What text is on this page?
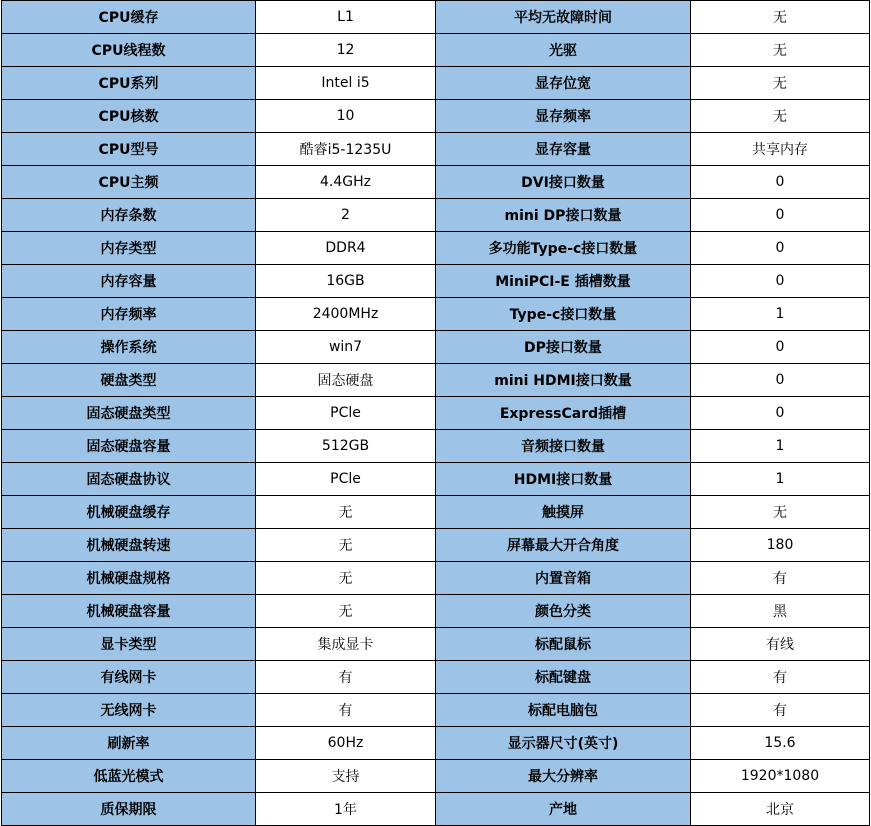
CPU缓存	L1	平均无故障时间	无
CPU线程数	12	光驱	无
CPU系列	Intel i5	显存位宽	无
CPU核数	10	显存频率	无
CPU型号	酷睿i5-1235U	显存容量	共享内存
CPU主频	4.4GHz	DVI接口数量	0
内存条数	2	mini DP接口数量	0
内存类型	DDR4	多功能Type-c接口数量	0
内存容量	16GB	MiniPCI-E 插槽数量	0
内存频率	2400MHz	Type-c接口数量	1
操作系统	win7	DP接口数量	0
硬盘类型	固态硬盘	mini HDMI接口数量	0
固态硬盘类型	PCle	ExpressCard插槽	0
固态硬盘容量	512GB	音频接口数量	1
固态硬盘协议	PCle	HDMI接口数量	1
机械硬盘缓存	无	触摸屏	无
机械硬盘转速	无	屏幕最大开合角度	180
机械硬盘规格	无	内置音箱	有
机械硬盘容量	无	颜色分类	黑
显卡类型	集成显卡	标配鼠标	有线
有线网卡	有	标配键盘	有
无线网卡	有	标配电脑包	有
刷新率	60Hz	显示器尺寸(英寸)	15.6
低蓝光模式	支持	最大分辨率	1920*1080
质保期限	1年	产地	北京
